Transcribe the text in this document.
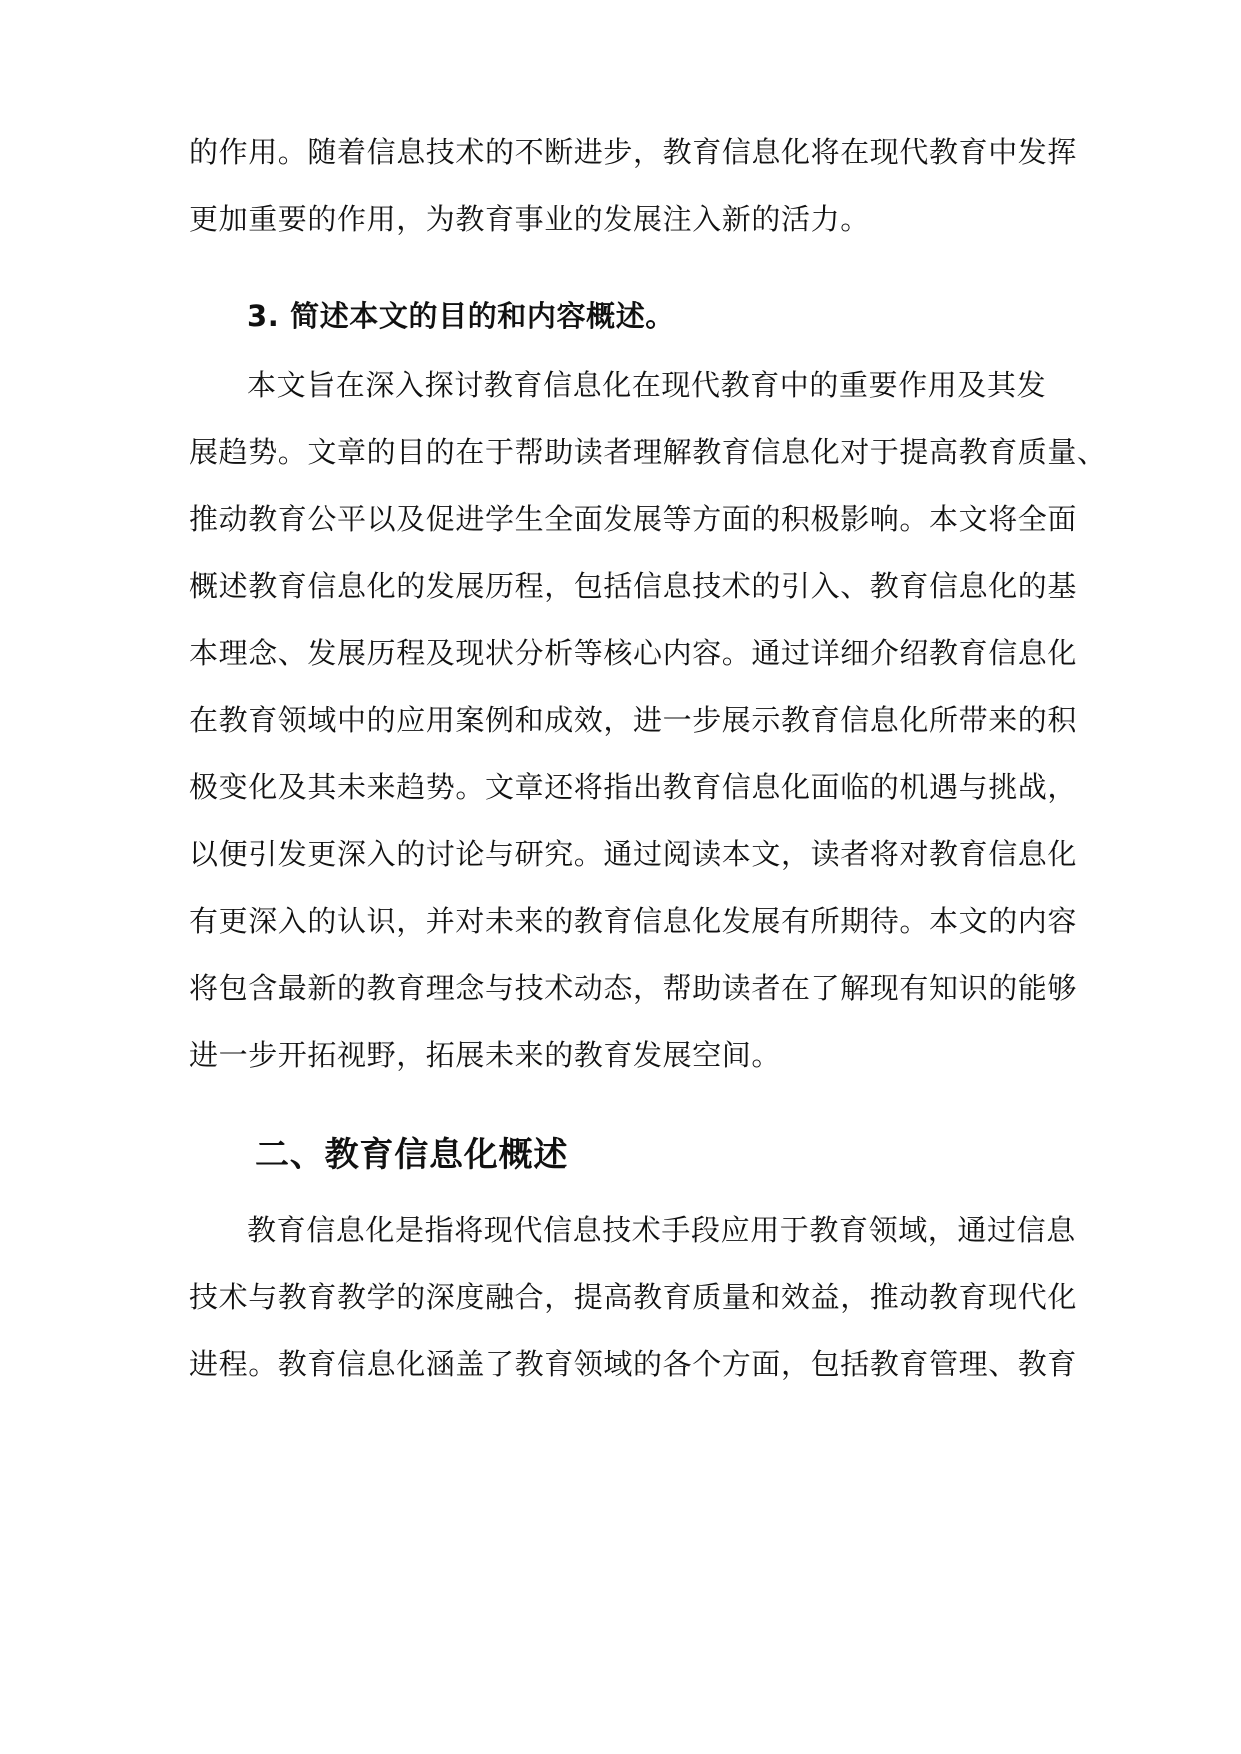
的作用。随着信息技术的不断进步，教育信息化将在现代教育中发挥
更加重要的作用，为教育事业的发展注入新的活力。
3. 简述本文的目的和内容概述。
本文旨在深入探讨教育信息化在现代教育中的重要作用及其发
展趋势。文章的目的在于帮助读者理解教育信息化对于提高教育质量、
推动教育公平以及促进学生全面发展等方面的积极影响。本文将全面
概述教育信息化的发展历程，包括信息技术的引入、教育信息化的基
本理念、发展历程及现状分析等核心内容。通过详细介绍教育信息化
在教育领域中的应用案例和成效，进一步展示教育信息化所带来的积
极变化及其未来趋势。文章还将指出教育信息化面临的机遇与挑战，
以便引发更深入的讨论与研究。通过阅读本文，读者将对教育信息化
有更深入的认识，并对未来的教育信息化发展有所期待。本文的内容
将包含最新的教育理念与技术动态，帮助读者在了解现有知识的能够
进一步开拓视野，拓展未来的教育发展空间。
二、教育信息化概述
教育信息化是指将现代信息技术手段应用于教育领域，通过信息
技术与教育教学的深度融合，提高教育质量和效益，推动教育现代化
进程。教育信息化涵盖了教育领域的各个方面，包括教育管理、教育
